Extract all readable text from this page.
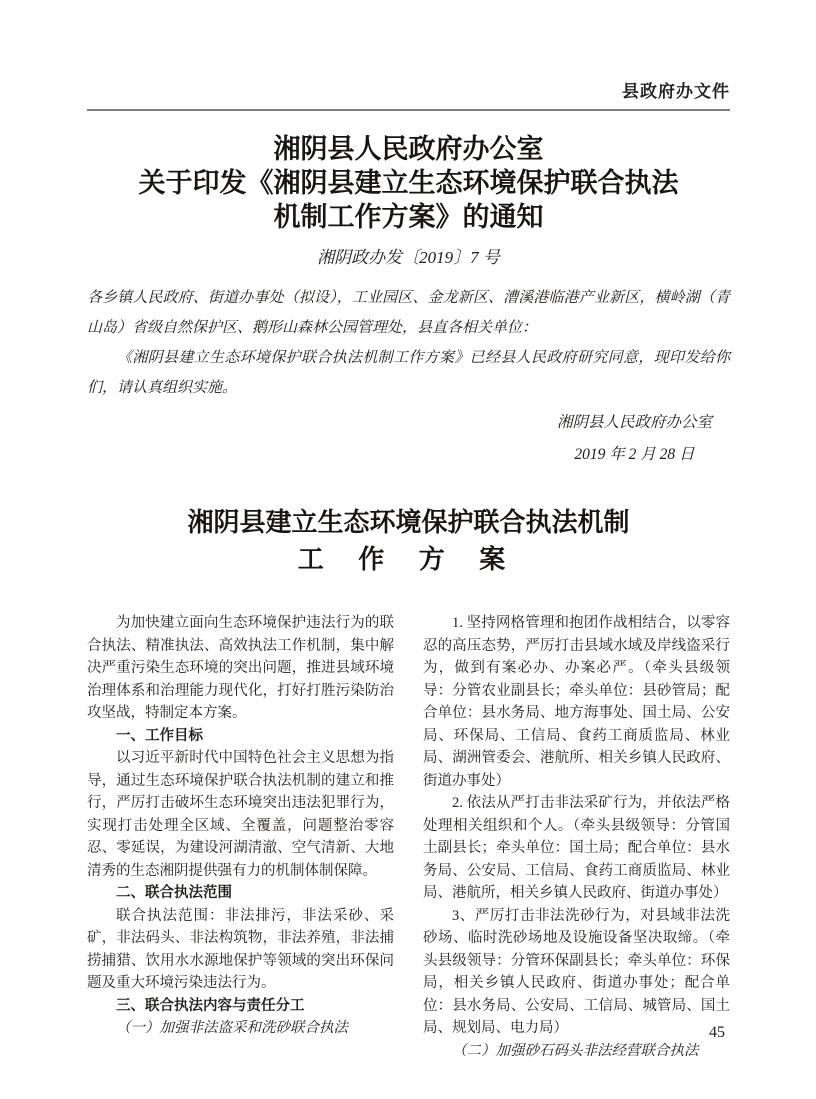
县政府办文件
湘阴县人民政府办公室
关于印发《湘阴县建立生态环境保护联合执法
机制工作方案》的通知
湘阴政办发〔2019〕7 号

各乡镇人民政府、街道办事处（拟设），工业园区、金龙新区、漕溪港临港产业新区，横岭湖（青山岛）省级自然保护区、鹅形山森林公园管理处，县直各相关单位：

《湘阴县建立生态环境保护联合执法机制工作方案》已经县人民政府研究同意，现印发给你们，请认真组织实施。

湘阴县人民政府办公室
2019 年 2 月 28 日
湘阴县建立生态环境保护联合执法机制
工 作 方 案

为加快建立面向生态环境保护违法行为的联合执法、精准执法、高效执法工作机制，集中解决严重污染生态环境的突出问题，推进县域环境治理体系和治理能力现代化，打好打胜污染防治攻坚战，特制定本方案。

一、工作目标

以习近平新时代中国特色社会主义思想为指导，通过生态环境保护联合执法机制的建立和推行，严厉打击破坏生态环境突出违法犯罪行为，实现打击处理全区域、全覆盖，问题整治零容忍、零延误，为建设河湖清澈、空气清新、大地清秀的生态湘阴提供强有力的机制体制保障。

二、联合执法范围

联合执法范围：非法排污，非法采砂、采矿，非法码头、非法构筑物，非法养殖，非法捕捞捕猎、饮用水水源地保护等领域的突出环保问题及重大环境污染违法行为。

三、联合执法内容与责任分工

（一）加强非法盗采和洗砂联合执法

1. 坚持网格管理和抱团作战相结合，以零容忍的高压态势，严厉打击县域水域及岸线盗采行为，做到有案必办、办案必严。（牵头县级领导：分管农业副县长；牵头单位：县砂管局；配合单位：县水务局、地方海事处、国土局、公安局、环保局、工信局、食药工商质监局、林业局、湖洲管委会、港航所、相关乡镇人民政府、街道办事处）

2. 依法从严打击非法采矿行为，并依法严格处理相关组织和个人。（牵头县级领导：分管国土副县长；牵头单位：国土局；配合单位：县水务局、公安局、工信局、食药工商质监局、林业局、港航所，相关乡镇人民政府、街道办事处）

3、严厉打击非法洗砂行为，对县域非法洗砂场、临时洗砂场地及设施设备坚决取缔。（牵头县级领导：分管环保副县长；牵头单位：环保局，相关乡镇人民政府、街道办事处；配合单位：县水务局、公安局、工信局、城管局、国土局、规划局、电力局）

（二）加强砂石码头非法经营联合执法

45
